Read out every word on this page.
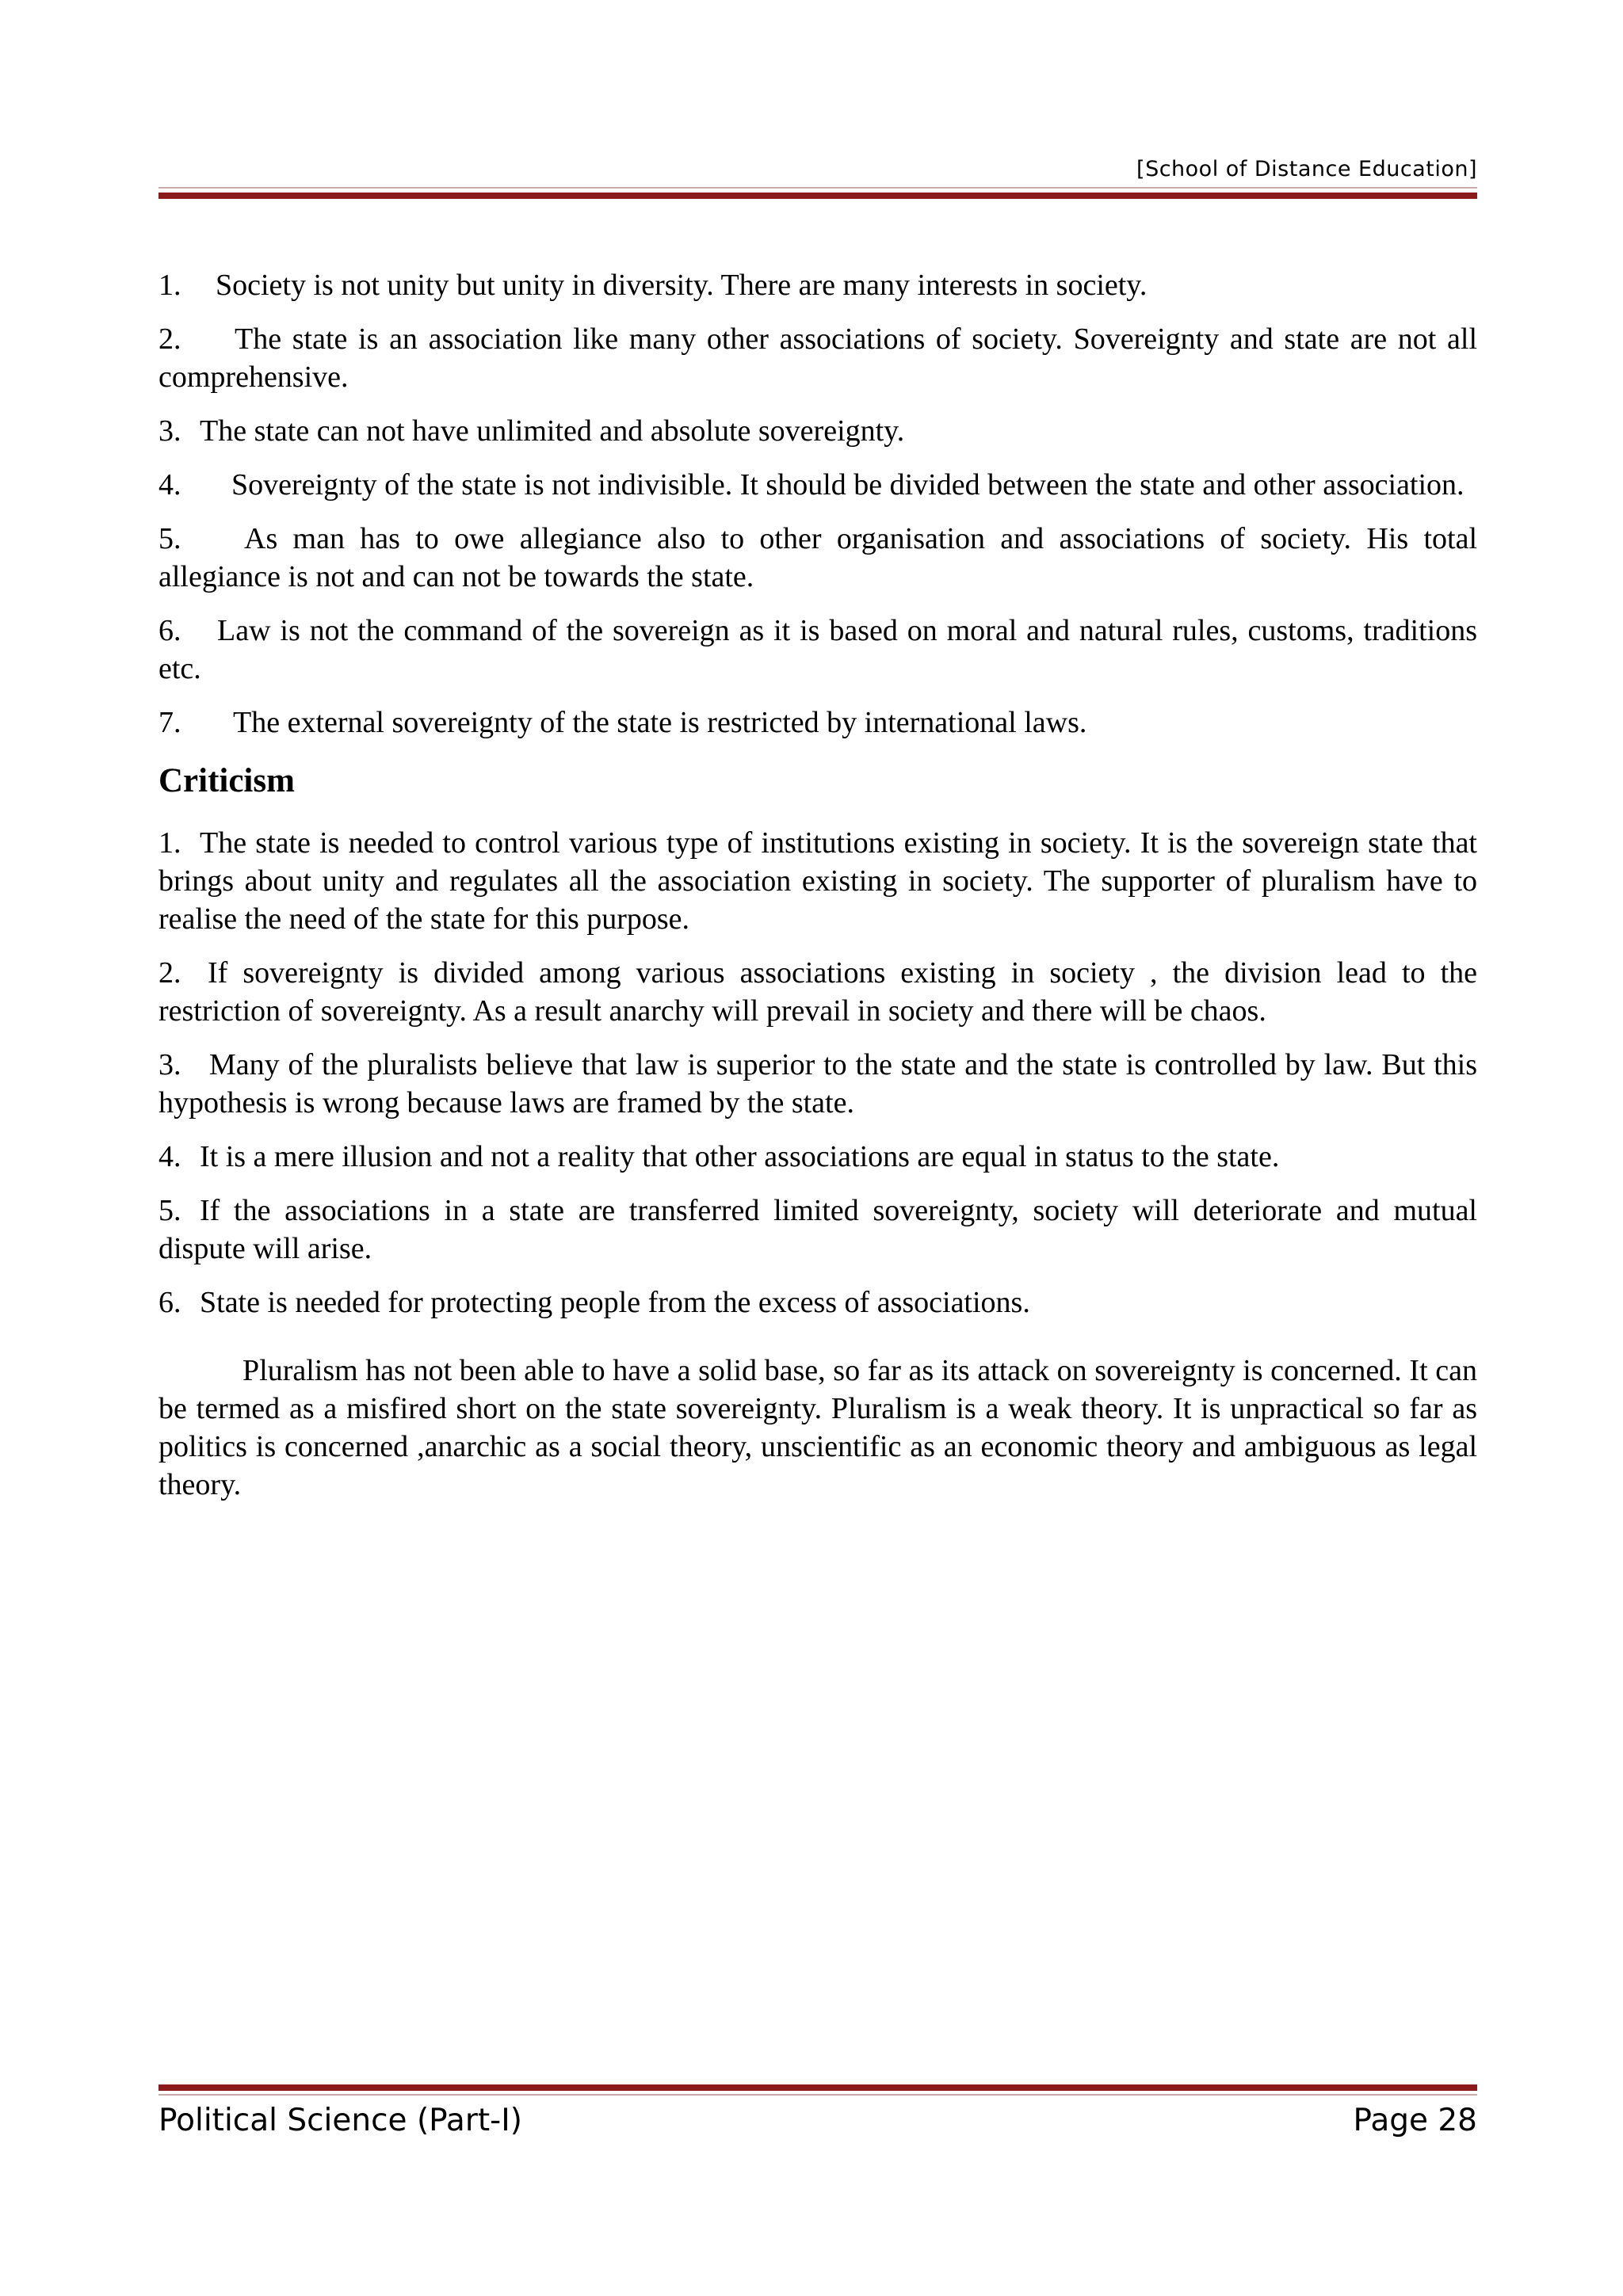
[School of Distance Education]

1. Society is not unity but unity in diversity. There are many interests in society.

2. The state is an association like many other associations of society. Sovereignty and state are not all comprehensive.

3. The state can not have unlimited and absolute sovereignty.

4. Sovereignty of the state is not indivisible. It should be divided between the state and other association.

5. As man has to owe allegiance also to other organisation and associations of society. His total allegiance is not and can not be towards the state.

6. Law is not the command of the sovereign as it is based on moral and natural rules, customs, traditions etc.

7. The external sovereignty of the state is restricted by international laws.

Criticism

1. The state is needed to control various type of institutions existing in society. It is the sovereign state that brings about unity and regulates all the association existing in society. The supporter of pluralism have to realise the need of the state for this purpose.

2. If sovereignty is divided among various associations existing in society , the division lead to the restriction of sovereignty. As a result anarchy will prevail in society and there will be chaos.

3. Many of the pluralists believe that law is superior to the state and the state is controlled by law. But this hypothesis is wrong because laws are framed by the state.

4. It is a mere illusion and not a reality that other associations are equal in status to the state.

5. If the associations in a state are transferred limited sovereignty, society will deteriorate and mutual dispute will arise.

6. State is needed for protecting people from the excess of associations.

Pluralism has not been able to have a solid base, so far as its attack on sovereignty is concerned. It can be termed as a misfired short on the state sovereignty. Pluralism is a weak theory. It is unpractical so far as politics is concerned ,anarchic as a social theory, unscientific as an economic theory and ambiguous as legal theory.

Political Science (Part-I)	Page 28
